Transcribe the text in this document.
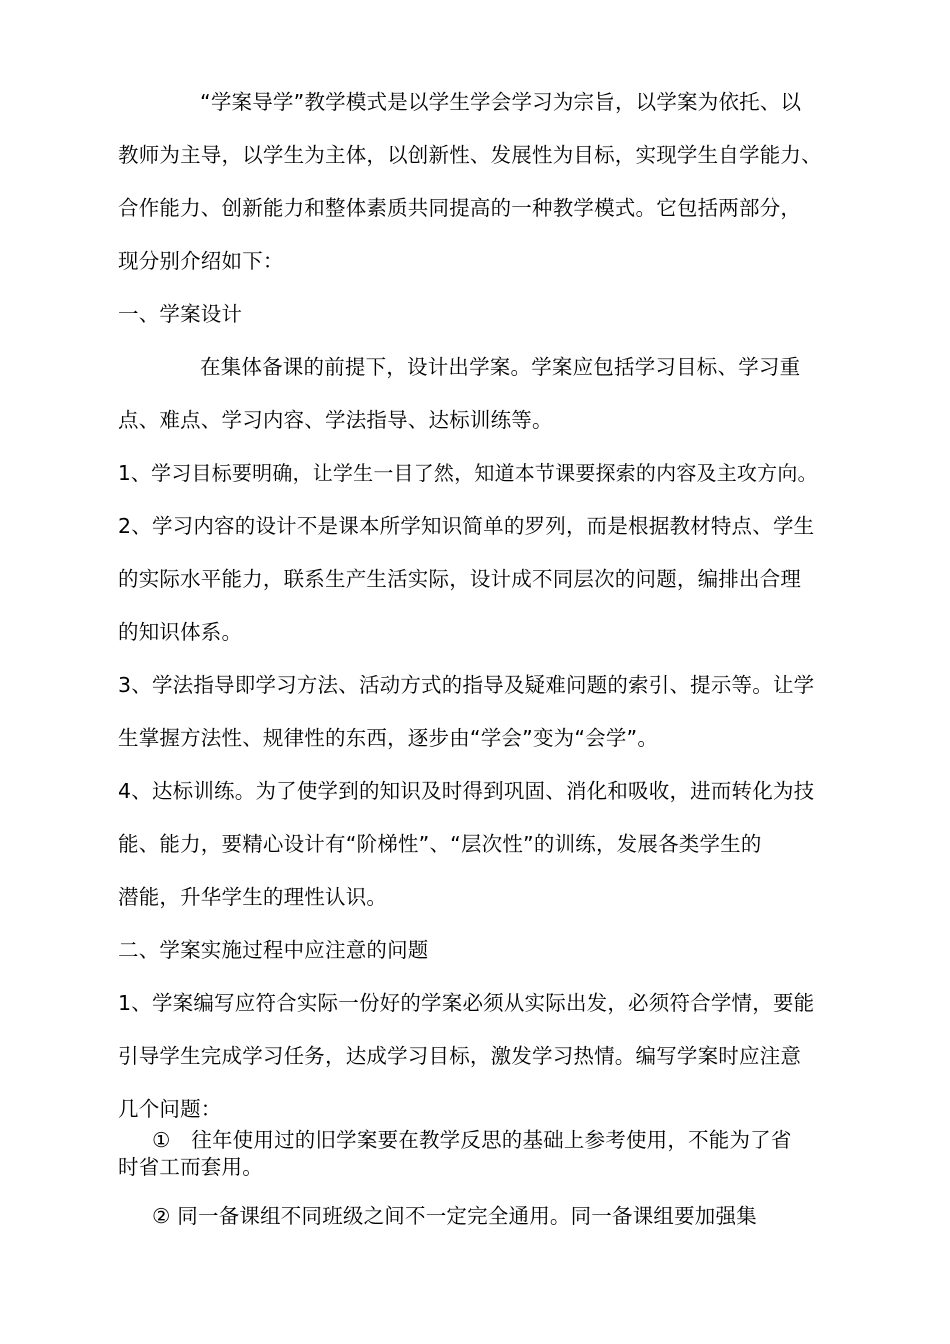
“学案导学”教学模式是以学生学会学习为宗旨，以学案为依托、以
教师为主导，以学生为主体，以创新性、发展性为目标，实现学生自学能力、
合作能力、创新能力和整体素质共同提高的一种教学模式。它包括两部分，
现分别介绍如下：
一、学案设计
在集体备课的前提下，设计出学案。学案应包括学习目标、学习重
点、难点、学习内容、学法指导、达标训练等。
1、学习目标要明确，让学生一目了然，知道本节课要探索的内容及主攻方向。
2、学习内容的设计不是课本所学知识简单的罗列，而是根据教材特点、学生
的实际水平能力，联系生产生活实际，设计成不同层次的问题，编排出合理
的知识体系。
3、学法指导即学习方法、活动方式的指导及疑难问题的索引、提示等。让学
生掌握方法性、规律性的东西，逐步由“学会”变为“会学”。
4、达标训练。为了使学到的知识及时得到巩固、消化和吸收，进而转化为技
能、能力，要精心设计有“阶梯性”、“层次性”的训练，发展各类学生的
潜能，升华学生的理性认识。
二、学案实施过程中应注意的问题
1、学案编写应符合实际一份好的学案必须从实际出发，必须符合学情，要能
引导学生完成学习任务，达成学习目标，激发学习热情。编写学案时应注意
几个问题：
①　往年使用过的旧学案要在教学反思的基础上参考使用，不能为了省
时省工而套用。
② 同一备课组不同班级之间不一定完全通用。同一备课组要加强集
